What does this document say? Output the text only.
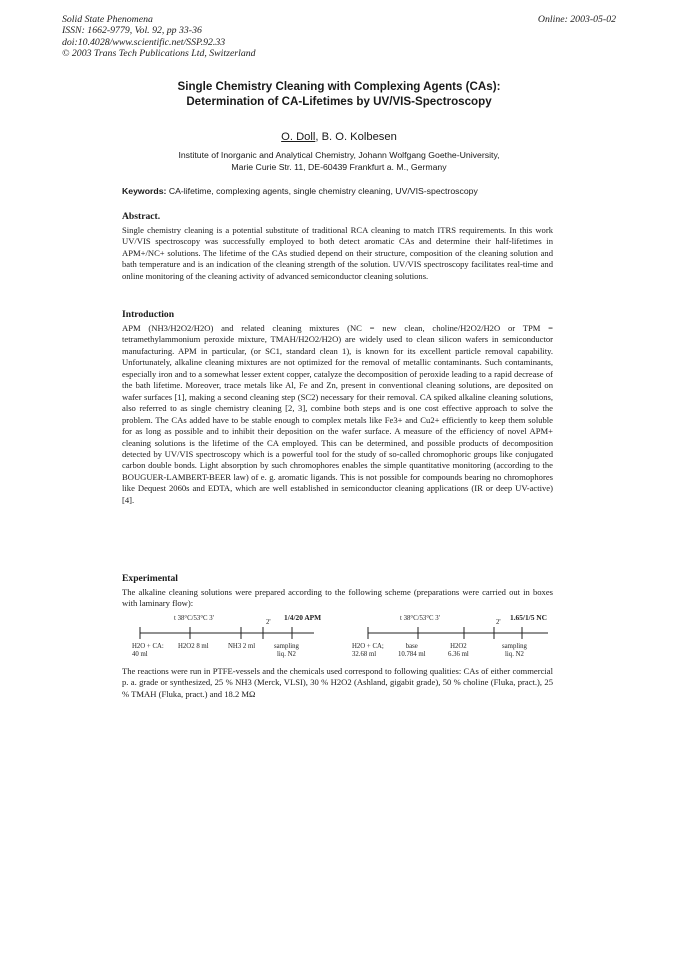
Solid State Phenomena
ISSN: 1662-9779, Vol. 92, pp 33-36
doi:10.4028/www.scientific.net/SSP.92.33
© 2003 Trans Tech Publications Ltd, Switzerland
Online: 2003-05-02
Single Chemistry Cleaning with Complexing Agents (CAs):
Determination of CA-Lifetimes by UV/VIS-Spectroscopy
O. Doll, B. O. Kolbesen
Institute of Inorganic and Analytical Chemistry, Johann Wolfgang Goethe-University,
Marie Curie Str. 11, DE-60439 Frankfurt a. M., Germany
Keywords: CA-lifetime, complexing agents, single chemistry cleaning, UV/VIS-spectroscopy
Abstract.
Single chemistry cleaning is a potential substitute of traditional RCA cleaning to match ITRS requirements. In this work UV/VIS spectroscopy was successfully employed to both detect aromatic CAs and determine their half-lifetimes in APM+/NC+ solutions. The lifetime of the CAs studied depend on their structure, composition of the cleaning solution and bath temperature and is an indication of the cleaning strength of the solution. UV/VIS spectroscopy facilitates real-time and online monitoring of the cleaning activity of advanced semiconductor cleaning solutions.
Introduction
APM (NH3/H2O2/H2O) and related cleaning mixtures (NC = new clean, choline/H2O2/H2O or TPM = tetramethylammonium peroxide mixture, TMAH/H2O2/H2O) are widely used to clean silicon wafers in semiconductor manufacturing. APM in particular, (or SC1, standard clean 1), is known for its excellent particle removal capability. Unfortunately, alkaline cleaning mixtures are not optimized for the removal of metallic contaminants. Such contaminants, especially iron and to a somewhat lesser extent copper, catalyze the decomposition of peroxide leading to a rapid decrease of the bath lifetime. Moreover, trace metals like Al, Fe and Zn, present in conventional cleaning solutions, are deposited on wafer surfaces [1], making a second cleaning step (SC2) necessary for their removal. CA spiked alkaline cleaning solutions, also referred to as single chemistry cleaning [2, 3], combine both steps and is one cost effective approach to solve the problem. The CAs added have to be stable enough to complex metals like Fe3+ and Cu2+ efficiently to keep them soluble for as long as possible and to inhibit their deposition on the wafer surface. A measure of the efficiency of novel APM+ cleaning solutions is the lifetime of the CA employed. This can be determined, and possible products of decomposition detected by UV/VIS spectroscopy which is a powerful tool for the study of so-called chromophoric groups like conjugated carbon double bonds. Light absorption by such chromophores enables the simple quantitative monitoring (according to the BOUGUER-LAMBERT-BEER law) of e. g. aromatic ligands. This is not possible for compounds bearing no chromophores like Dequest 2060s and EDTA, which are well established in semiconductor cleaning applications (IR or deep UV-active) [4].
Experimental
The alkaline cleaning solutions were prepared according to the following scheme (preparations were carried out in boxes with laminary flow):
t 38°C/53°C 3'
2'
1/4/20 APM
H2O + CA:
40 ml
H2O2 8 ml	NH3 2 ml	sampling
liq. N2
t 38°C/53°C 3'
2'
1.65/1/5 NC
H2O + CA;
32.68 ml
base
10.784 ml
H2O2
6.36 ml
sampling
liq. N2
The reactions were run in PTFE-vessels and the chemicals used correspond to following qualities: CAs of either commercial p. a. grade or synthesized, 25 % NH3 (Merck, VLSI), 30 % H2O2 (Ashland, gigabit grade), 50 % choline (Fluka, pract.), 25 % TMAH (Fluka, pract.) and 18.2 MΩ
